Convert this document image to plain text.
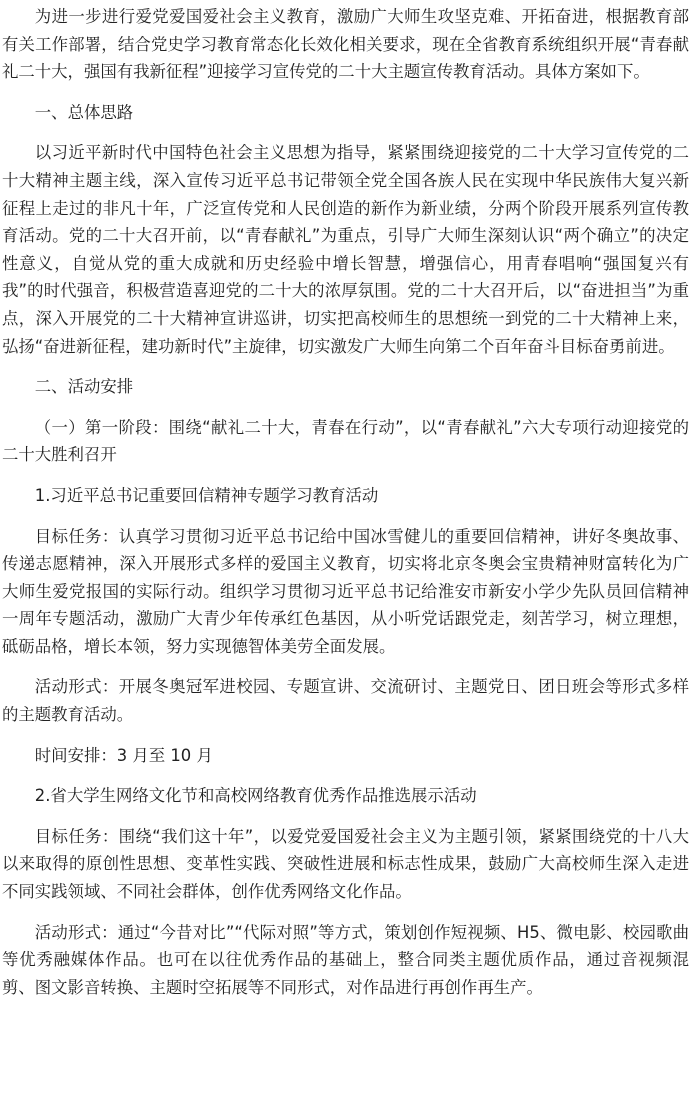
为进一步进行爱党爱国爱社会主义教育，激励广大师生攻坚克难、开拓奋进，根据教育部有关工作部署，结合党史学习教育常态化长效化相关要求，现在全省教育系统组织开展“青春献礼二十大，强国有我新征程”迎接学习宣传党的二十大主题宣传教育活动。具体方案如下。

一、总体思路

以习近平新时代中国特色社会主义思想为指导，紧紧围绕迎接党的二十大学习宣传党的二十大精神主题主线，深入宣传习近平总书记带领全党全国各族人民在实现中华民族伟大复兴新征程上走过的非凡十年，广泛宣传党和人民创造的新作为新业绩，分两个阶段开展系列宣传教育活动。党的二十大召开前，以“青春献礼”为重点，引导广大师生深刻认识“两个确立”的决定性意义，自觉从党的重大成就和历史经验中增长智慧，增强信心，用青春唱响“强国复兴有我”的时代强音，积极营造喜迎党的二十大的浓厚氛围。党的二十大召开后，以“奋进担当”为重点，深入开展党的二十大精神宣讲巡讲，切实把高校师生的思想统一到党的二十大精神上来，弘扬“奋进新征程，建功新时代”主旋律，切实激发广大师生向第二个百年奋斗目标奋勇前进。

二、活动安排

（一）第一阶段：围绕“献礼二十大，青春在行动”，以“青春献礼”六大专项行动迎接党的二十大胜利召开

1.习近平总书记重要回信精神专题学习教育活动

目标任务：认真学习贯彻习近平总书记给中国冰雪健儿的重要回信精神，讲好冬奥故事、传递志愿精神，深入开展形式多样的爱国主义教育，切实将北京冬奥会宝贵精神财富转化为广大师生爱党报国的实际行动。组织学习贯彻习近平总书记给淮安市新安小学少先队员回信精神一周年专题活动，激励广大青少年传承红色基因，从小听党话跟党走，刻苦学习，树立理想，砥砺品格，增长本领，努力实现德智体美劳全面发展。

活动形式：开展冬奥冠军进校园、专题宣讲、交流研讨、主题党日、团日班会等形式多样的主题教育活动。

时间安排：3 月至 10 月

2.省大学生网络文化节和高校网络教育优秀作品推选展示活动

目标任务：围绕“我们这十年”，以爱党爱国爱社会主义为主题引领，紧紧围绕党的十八大以来取得的原创性思想、变革性实践、突破性进展和标志性成果，鼓励广大高校师生深入走进不同实践领域、不同社会群体，创作优秀网络文化作品。

活动形式：通过“今昔对比”“代际对照”等方式，策划创作短视频、H5、微电影、校园歌曲等优秀融媒体作品。也可在以往优秀作品的基础上，整合同类主题优质作品，通过音视频混剪、图文影音转换、主题时空拓展等不同形式，对作品进行再创作再生产。
